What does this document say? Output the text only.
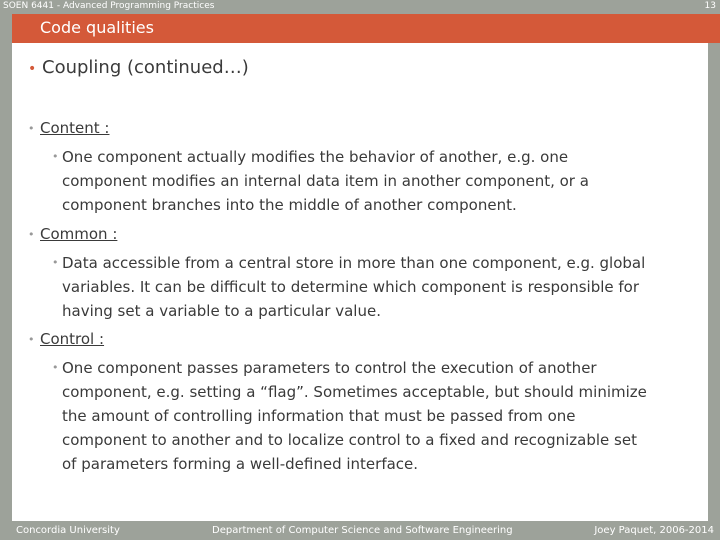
SOEN 6441 - Advanced Programming Practices	13
Code qualities
• Coupling (continued…)
• Content :
• One component actually modifies the behavior of another, e.g. one
component modifies an internal data item in another component, or a
component branches into the middle of another component.
• Common :
• Data accessible from a central store in more than one component, e.g. global
variables. It can be difficult to determine which component is responsible for
having set a variable to a particular value.
• Control :
• One component passes parameters to control the execution of another
component, e.g. setting a “flag”. Sometimes acceptable, but should minimize
the amount of controlling information that must be passed from one
component to another and to localize control to a fixed and recognizable set
of parameters forming a well-defined interface.
Concordia University	Department of Computer Science and Software Engineering	Joey Paquet, 2006-2014
